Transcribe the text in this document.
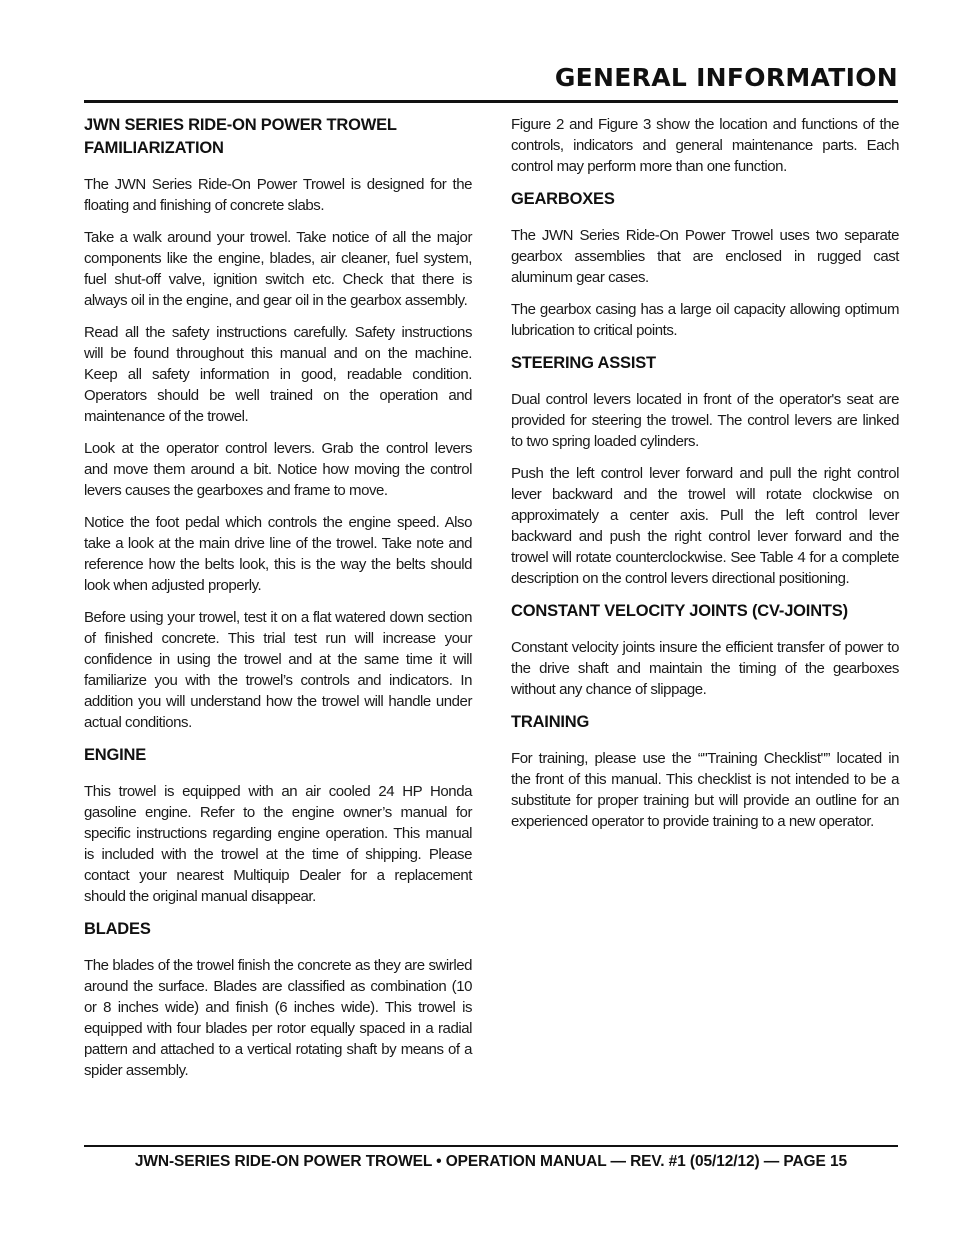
GENERAL INFORMATION
JWN SERIES RIDE-ON POWER TROWEL FAMILIARIZATION

The JWN Series Ride-On Power Trowel is designed for the floating and finishing of concrete slabs.

Take a walk around your trowel. Take notice of all the major components like the engine, blades, air cleaner, fuel system, fuel shut-off valve, ignition switch etc. Check that there is always oil in the engine, and gear oil in the gearbox assembly.

Read all the safety instructions carefully. Safety instructions will be found throughout this manual and on the machine. Keep all safety information in good, readable condition. Operators should be well trained on the operation and maintenance of the trowel.

Look at the operator control levers. Grab the control levers and move them around a bit. Notice how moving the control levers causes the gearboxes and frame to move.

Notice the foot pedal which controls the engine speed. Also take a look at the main drive line of the trowel. Take note and reference how the belts look, this is the way the belts should look when adjusted properly.

Before using your trowel, test it on a flat watered down section of finished concrete. This trial test run will increase your confidence in using the trowel and at the same time it will familiarize you with the trowel’s controls and indicators. In addition you will understand how the trowel will handle under actual conditions.

ENGINE

This trowel is equipped with an air cooled 24 HP Honda gasoline engine. Refer to the engine owner’s manual for specific instructions regarding engine operation. This manual is included with the trowel at the time of shipping. Please contact your nearest Multiquip Dealer for a replacement should the original manual disappear.

BLADES

The blades of the trowel finish the concrete as they are swirled around the surface. Blades are classified as combination (10 or 8 inches wide) and finish (6 inches wide). This trowel is equipped with four blades per rotor equally spaced in a radial pattern and attached to a vertical rotating shaft by means of a spider assembly.

Figure 2 and Figure 3 show the location and functions of the controls, indicators and general maintenance parts. Each control may perform more than one function.

GEARBOXES

The JWN Series Ride-On Power Trowel uses two separate gearbox assemblies that are enclosed in rugged cast aluminum gear cases.

The gearbox casing has a large oil capacity allowing optimum lubrication to critical points.

STEERING ASSIST

Dual control levers located in front of the operator's seat are provided for steering the trowel. The control levers are linked to two spring loaded cylinders.

Push the left control lever forward and pull the right control lever backward and the trowel will rotate clockwise on approximately a center axis. Pull the left control lever backward and push the right control lever forward and the trowel will rotate counterclockwise. See Table 4 for a complete description on the control levers directional positioning.

CONSTANT VELOCITY JOINTS (CV-JOINTS)

Constant velocity joints insure the efficient transfer of power to the drive shaft and maintain the timing of the gearboxes without any chance of slippage.

TRAINING

For training, please use the “"Training Checklist"” located in the front of this manual. This checklist is not intended to be a substitute for proper training but will provide an outline for an experienced operator to provide training to a new operator.

JWN-SERIES RIDE-ON POWER TROWEL • OPERATION MANUAL — REV. #1 (05/12/12) — PAGE 15
